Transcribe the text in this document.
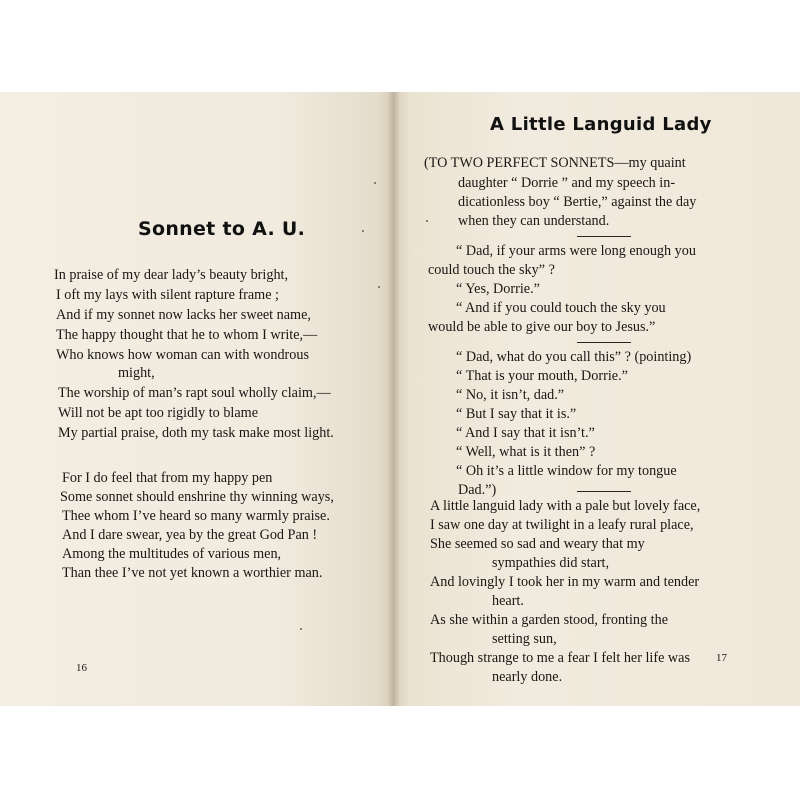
Sonnet to A. U.
In praise of my dear lady’s beauty bright,
I oft my lays with silent rapture frame ;
And if my sonnet now lacks her sweet name,
The happy thought that he to whom I write,—
Who knows how woman can with wondrous
might,
The worship of man’s rapt soul wholly claim,—
Will not be apt too rigidly to blame
My partial praise, doth my task make most light.
For I do feel that from my happy pen
Some sonnet should enshrine thy winning ways,
Thee whom I’ve heard so many warmly praise.
And I dare swear, yea by the great God Pan !
Among the multitudes of various men,
Than thee I’ve not yet known a worthier man.
16
A Little Languid Lady
(TO TWO PERFECT SONNETS—my quaint
daughter “ Dorrie ” and my speech in-
dicationless boy “ Bertie,” against the day
when they can understand.
“ Dad, if your arms were long enough you
could touch the sky” ?
“ Yes, Dorrie.”
“ And if you could touch the sky you
would be able to give our boy to Jesus.”
“ Dad, what do you call this” ? (pointing)
“ That is your mouth, Dorrie.”
“ No, it isn’t, dad.”
“ But I say that it is.”
“ And I say that it isn’t.”
“ Well, what is it then” ?
“ Oh it’s a little window for my tongue
Dad.”)
A little languid lady with a pale but lovely face,
I saw one day at twilight in a leafy rural place,
She seemed so sad and weary that my
sympathies did start,
And lovingly I took her in my warm and tender
heart.
As she within a garden stood, fronting the
setting sun,
Though strange to me a fear I felt her life was
nearly done.
17
